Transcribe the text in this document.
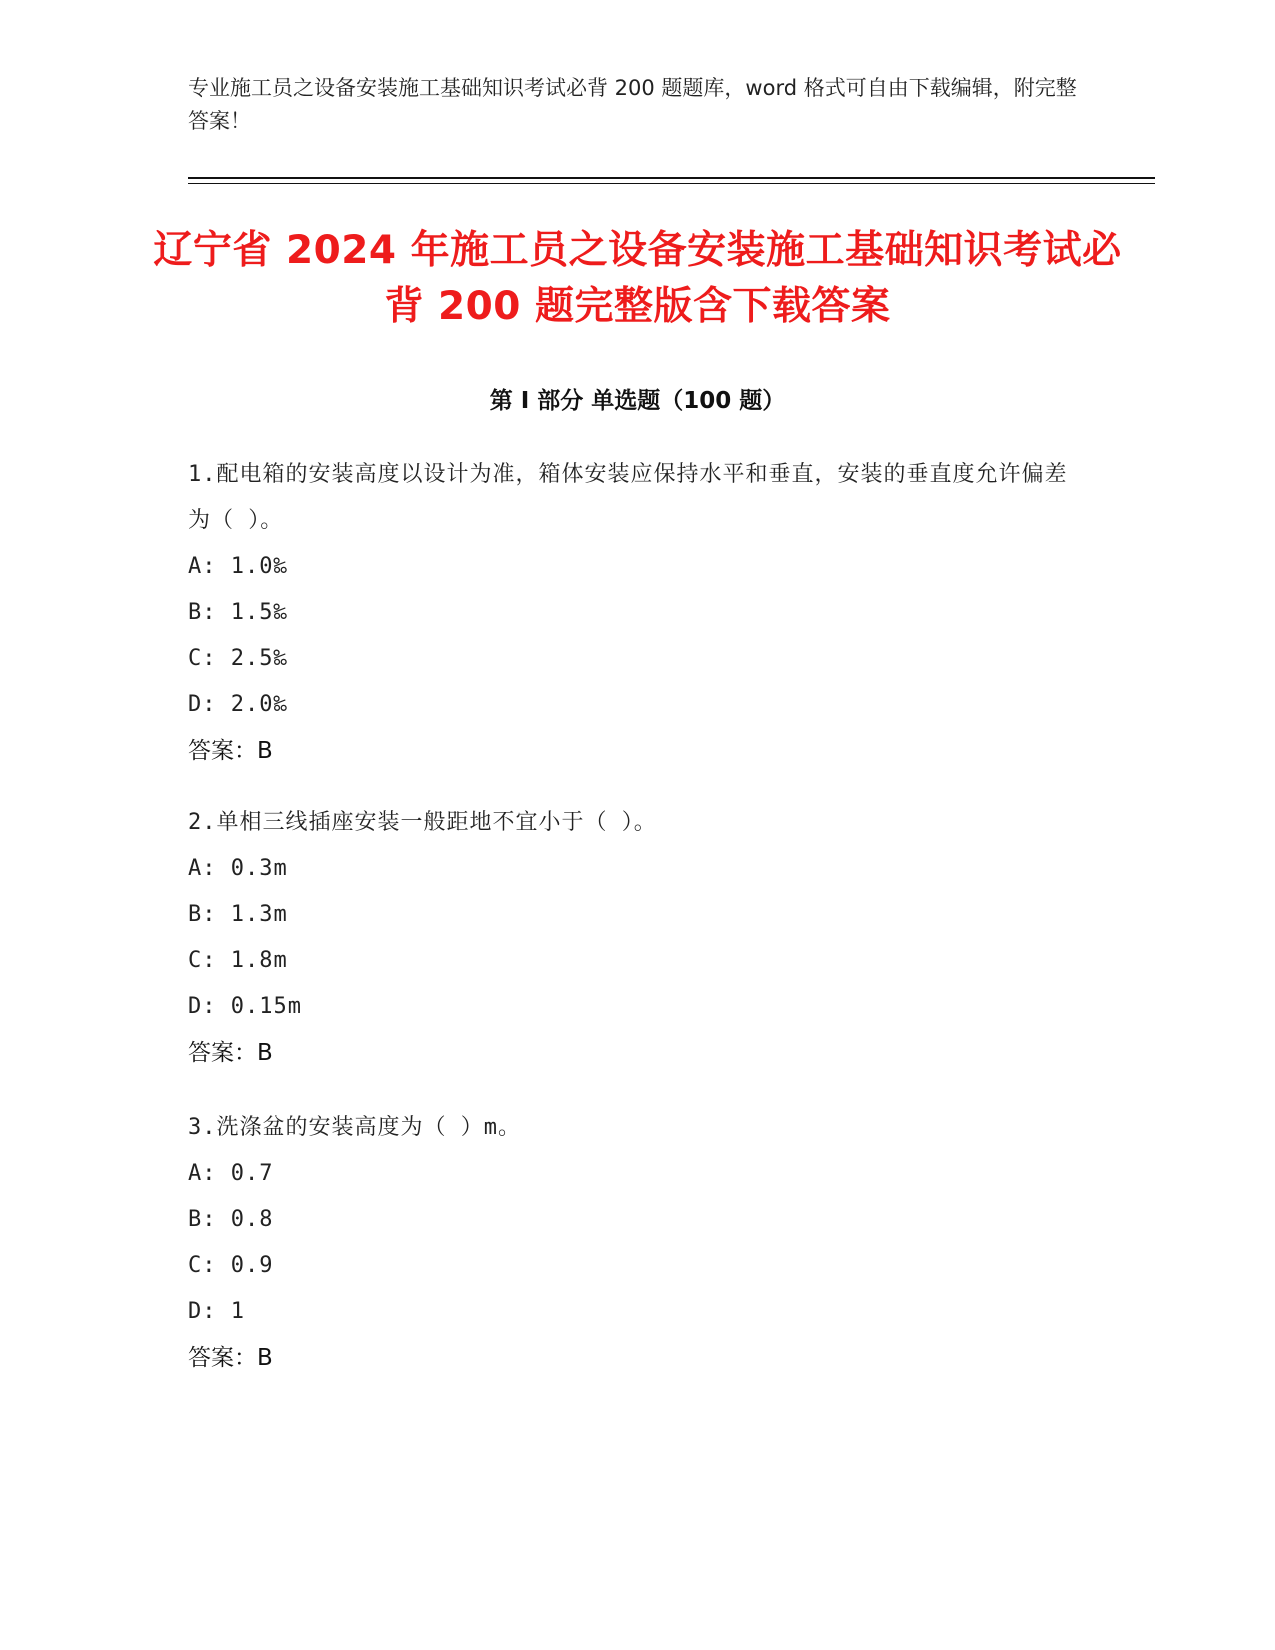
专业施工员之设备安装施工基础知识考试必背 200 题题库，word 格式可自由下载编辑，附完整答案！
辽宁省 2024 年施工员之设备安装施工基础知识考试必背 200 题完整版含下载答案
第 I 部分 单选题（100 题）
1.配电箱的安装高度以设计为准，箱体安装应保持水平和垂直，安装的垂直度允许偏差为（ ）。
A: 1.0‰
B: 1.5‰
C: 2.5‰
D: 2.0‰
答案：B
2.单相三线插座安装一般距地不宜小于（ ）。
A: 0.3m
B: 1.3m
C: 1.8m
D: 0.15m
答案：B
3.洗涤盆的安装高度为（ ）m。
A: 0.7
B: 0.8
C: 0.9
D: 1
答案：B
